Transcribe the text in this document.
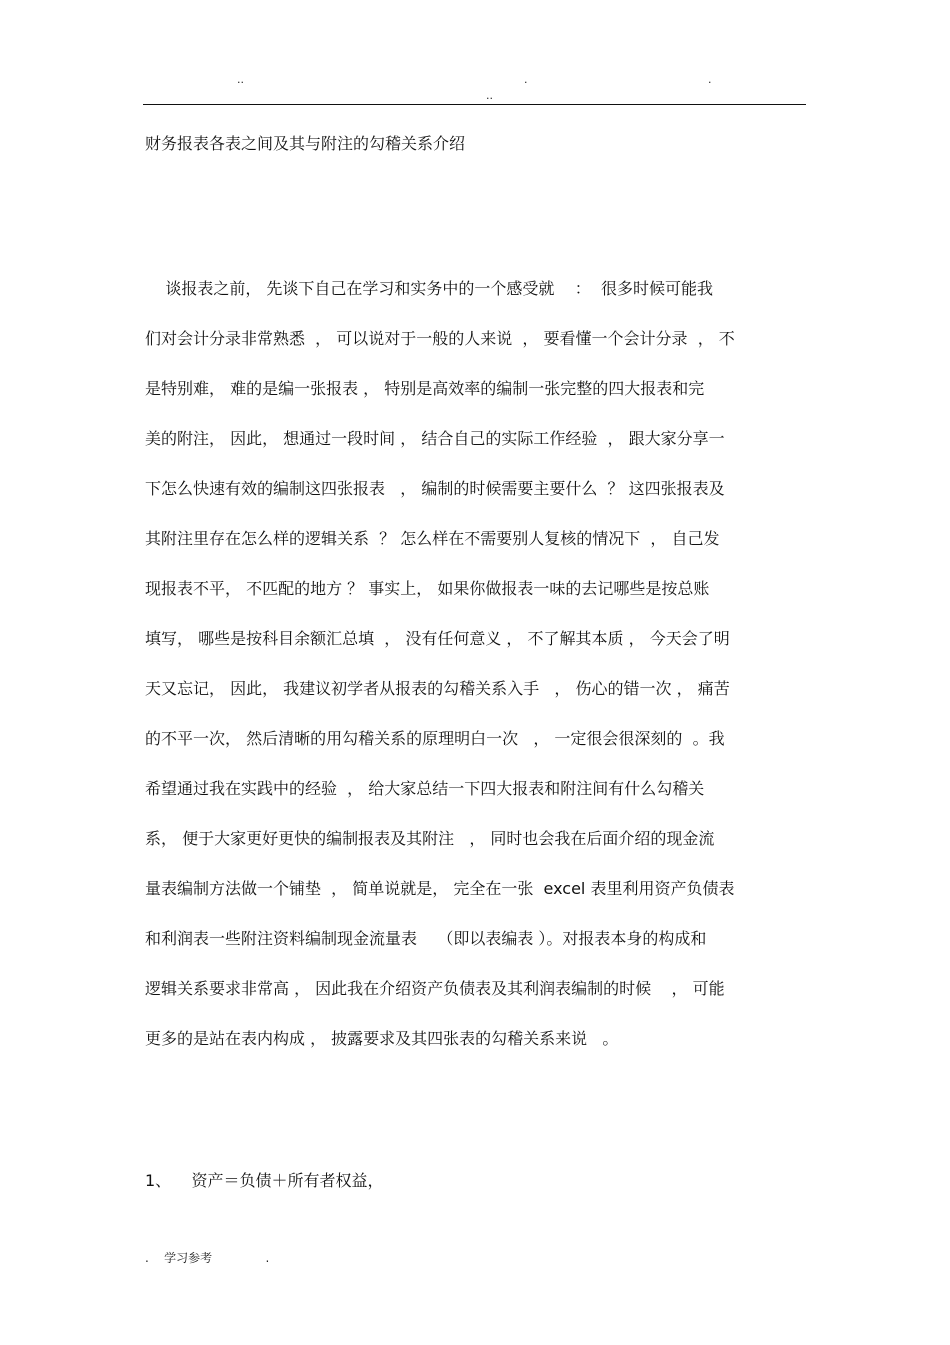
..	.	.
..
财务报表各表之间及其与附注的勾稽关系介绍
谈报表之前， 先谈下自己在学习和实务中的一个感受就    ：  很多时候可能我
们对会计分录非常熟悉  ， 可以说对于一般的人来说  ， 要看懂一个会计分录  ， 不
是特别难， 难的是编一张报表 ， 特别是高效率的编制一张完整的四大报表和完
美的附注， 因此， 想通过一段时间 ， 结合自己的实际工作经验  ， 跟大家分享一
下怎么快速有效的编制这四张报表   ， 编制的时候需要主要什么  ？ 这四张报表及
其附注里存在怎么样的逻辑关系  ？ 怎么样在不需要别人复核的情况下  ， 自己发
现报表不平， 不匹配的地方 ？ 事实上， 如果你做报表一味的去记哪些是按总账
填写， 哪些是按科目余额汇总填  ， 没有任何意义 ， 不了解其本质 ， 今天会了明
天又忘记， 因此， 我建议初学者从报表的勾稽关系入手   ， 伤心的错一次 ， 痛苦
的不平一次， 然后清晰的用勾稽关系的原理明白一次   ， 一定很会很深刻的  。我
希望通过我在实践中的经验  ， 给大家总结一下四大报表和附注间有什么勾稽关
系， 便于大家更好更快的编制报表及其附注   ， 同时也会我在后面介绍的现金流
量表编制方法做一个铺垫  ， 简单说就是， 完全在一张  excel 表里利用资产负债表
和利润表一些附注资料编制现金流量表    （即以表编表 ）。对报表本身的构成和
逻辑关系要求非常高 ， 因此我在介绍资产负债表及其利润表编制的时候    ， 可能
更多的是站在表内构成 ， 披露要求及其四张表的勾稽关系来说   。
1、    资产＝负债＋所有者权益，
.    学习参考              .
